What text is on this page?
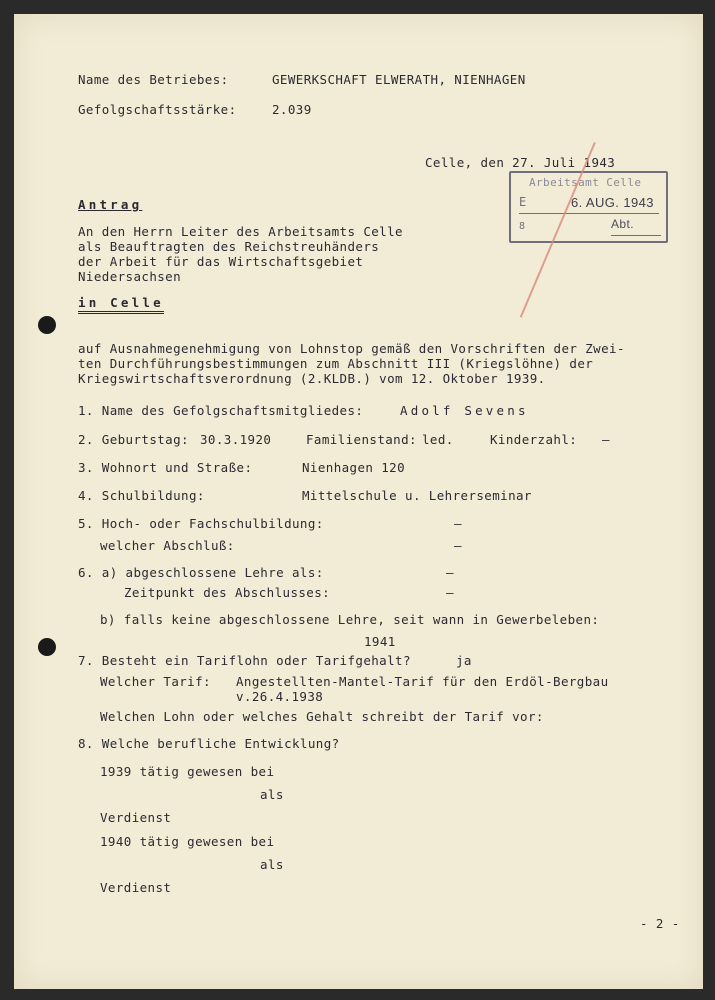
Name des Betriebes:	GEWERKSCHAFT ELWERATH, NIENHAGEN
Gefolgschaftsstärke:	2.039
Celle, den 27. Juli 1943
Arbeitsamt Celle
E	6. AUG. 1943
8	Abt.
Antrag
An den Herrn Leiter des Arbeitsamts Celle
als Beauftragten des Reichstreuhänders
der Arbeit für das Wirtschaftsgebiet
Niedersachsen
in Celle
auf Ausnahmegenehmigung von Lohnstop gemäß den Vorschriften der Zwei-
ten Durchführungsbestimmungen zum Abschnitt III (Kriegslöhne) der
Kriegswirtschaftsverordnung (2.KLDB.) vom 12. Oktober 1939.
1. Name des Gefolgschaftsmitgliedes:	Adolf Sevens
2. Geburtstag: 30.3.1920	Familienstand: led.	Kinderzahl: —
3. Wohnort und Straße:	Nienhagen 120
4. Schulbildung:	Mittelschule u. Lehrerseminar
5. Hoch- oder Fachschulbildung:	—
welcher Abschluß:	—
6. a) abgeschlossene Lehre als:	—
Zeitpunkt des Abschlusses:	—
b) falls keine abgeschlossene Lehre, seit wann in Gewerbeleben:
1941
7. Besteht ein Tariflohn oder Tarifgehalt?	ja
Welcher Tarif: Angestellten-Mantel-Tarif für den Erdöl-Bergbau
v.26.4.1938
Welchen Lohn oder welches Gehalt schreibt der Tarif vor:
8. Welche berufliche Entwicklung?
1939 tätig gewesen bei
als
Verdienst
1940 tätig gewesen bei
als
Verdienst
- 2 -
